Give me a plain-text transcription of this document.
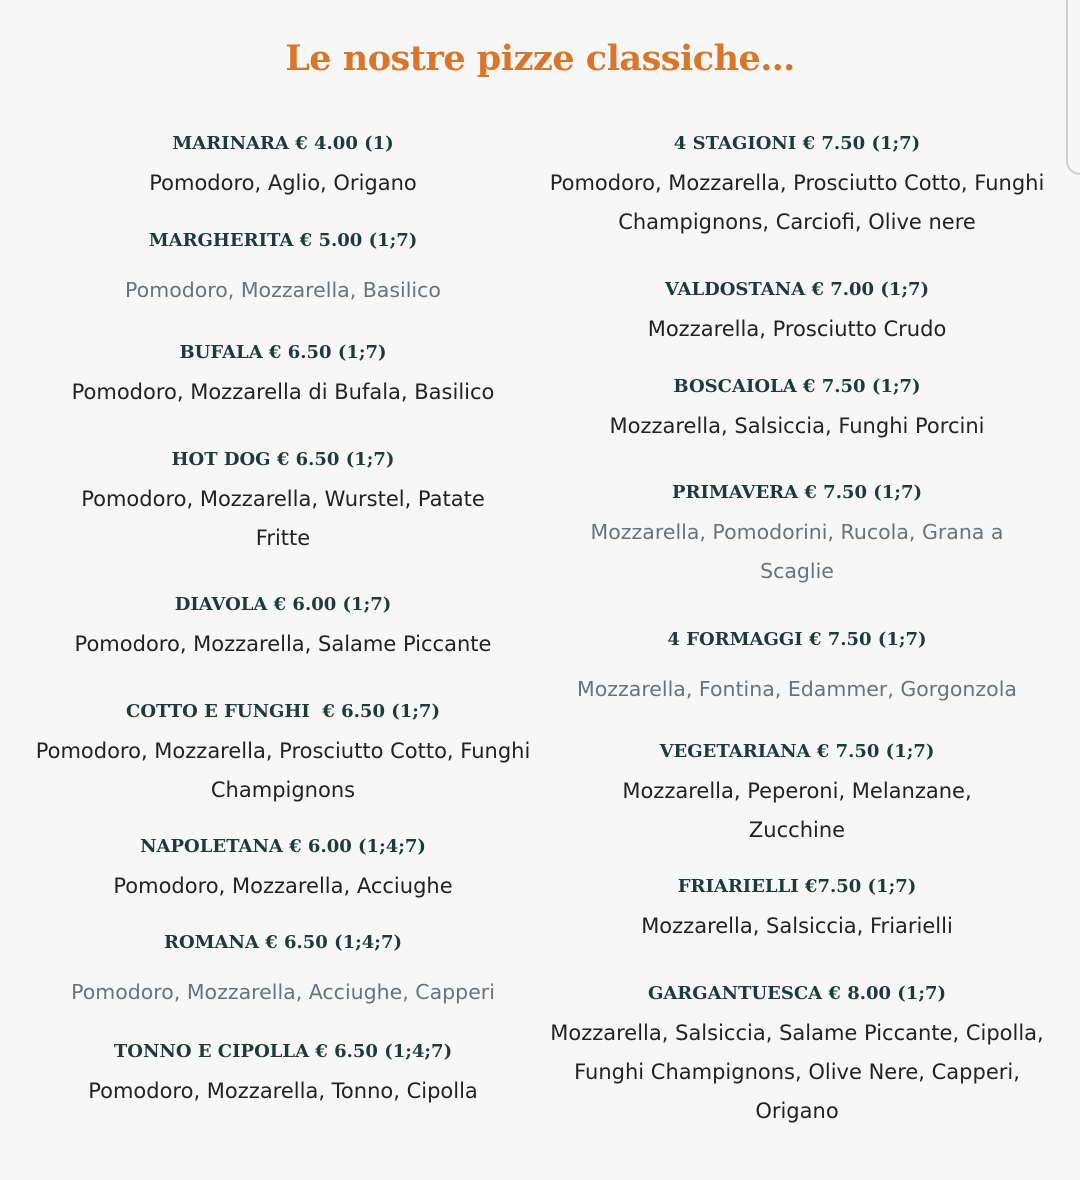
Le nostre pizze classiche…
MARINARA € 4.00 (1)
Pomodoro, Aglio, Origano
MARGHERITA € 5.00 (1;7)
Pomodoro, Mozzarella, Basilico
BUFALA € 6.50 (1;7)
Pomodoro, Mozzarella di Bufala, Basilico
HOT DOG € 6.50 (1;7)
Pomodoro, Mozzarella, Wurstel, Patate Fritte
DIAVOLA € 6.00 (1;7)
Pomodoro, Mozzarella, Salame Piccante
COTTO E FUNGHI  € 6.50 (1;7)
Pomodoro, Mozzarella, Prosciutto Cotto, Funghi Champignons
NAPOLETANA € 6.00 (1;4;7)
Pomodoro, Mozzarella, Acciughe
ROMANA € 6.50 (1;4;7)
Pomodoro, Mozzarella, Acciughe, Capperi
TONNO E CIPOLLA € 6.50 (1;4;7)
Pomodoro, Mozzarella, Tonno, Cipolla
4 STAGIONI € 7.50 (1;7)
Pomodoro, Mozzarella, Prosciutto Cotto, Funghi Champignons, Carciofi, Olive nere
VALDOSTANA € 7.00 (1;7)
Mozzarella, Prosciutto Crudo
BOSCAIOLA € 7.50 (1;7)
Mozzarella, Salsiccia, Funghi Porcini
PRIMAVERA € 7.50 (1;7)
Mozzarella, Pomodorini, Rucola, Grana a Scaglie
4 FORMAGGI € 7.50 (1;7)
Mozzarella, Fontina, Edammer, Gorgonzola
VEGETARIANA € 7.50 (1;7)
Mozzarella, Peperoni, Melanzane, Zucchine
FRIARIELLI €7.50 (1;7)
Mozzarella, Salsiccia, Friarielli
GARGANTUESCA € 8.00 (1;7)
Mozzarella, Salsiccia, Salame Piccante, Cipolla, Funghi Champignons, Olive Nere, Capperi, Origano
